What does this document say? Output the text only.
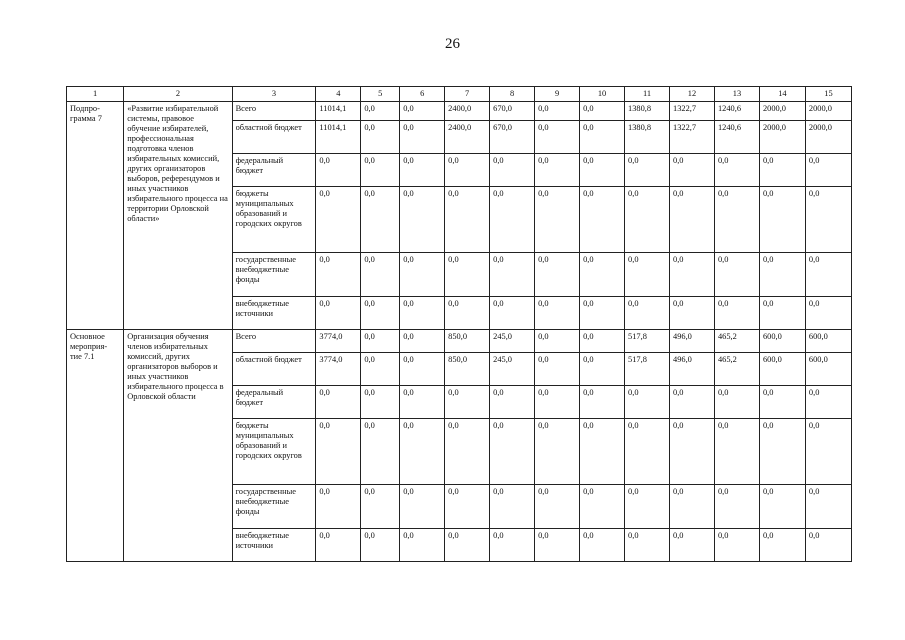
26
1	2	3	4	5	6	7	8	9	10	11	12	13	14	15
Подпро-
грамма 7	«Развитие избирательной системы, правовое обучение избирателей, профессиональная подготовка членов избирательных комиссий, других организаторов выборов, референдумов и иных участников избирательного процесса на территории Орловской области»	Всего	11014,1	0,0	0,0	2400,0	670,0	0,0	0,0	1380,8	1322,7	1240,6	2000,0	2000,0
		областной бюджет	11014,1	0,0	0,0	2400,0	670,0	0,0	0,0	1380,8	1322,7	1240,6	2000,0	2000,0
		федеральный бюджет	0,0	0,0	0,0	0,0	0,0	0,0	0,0	0,0	0,0	0,0	0,0	0,0
		бюджеты муниципальных образований и городских округов	0,0	0,0	0,0	0,0	0,0	0,0	0,0	0,0	0,0	0,0	0,0	0,0
		государственные внебюджетные фонды	0,0	0,0	0,0	0,0	0,0	0,0	0,0	0,0	0,0	0,0	0,0	0,0
		внебюджетные источники	0,0	0,0	0,0	0,0	0,0	0,0	0,0	0,0	0,0	0,0	0,0	0,0
Основное
мероприя-
тие 7.1	Организация обучения членов избирательных комиссий, других организаторов выборов и иных участников избирательного процесса в Орловской области	Всего	3774,0	0,0	0,0	850,0	245,0	0,0	0,0	517,8	496,0	465,2	600,0	600,0
		областной бюджет	3774,0	0,0	0,0	850,0	245,0	0,0	0,0	517,8	496,0	465,2	600,0	600,0
		федеральный бюджет	0,0	0,0	0,0	0,0	0,0	0,0	0,0	0,0	0,0	0,0	0,0	0,0
		бюджеты муниципальных образований и городских округов	0,0	0,0	0,0	0,0	0,0	0,0	0,0	0,0	0,0	0,0	0,0	0,0
		государственные внебюджетные фонды	0,0	0,0	0,0	0,0	0,0	0,0	0,0	0,0	0,0	0,0	0,0	0,0
		внебюджетные источники	0,0	0,0	0,0	0,0	0,0	0,0	0,0	0,0	0,0	0,0	0,0	0,0
